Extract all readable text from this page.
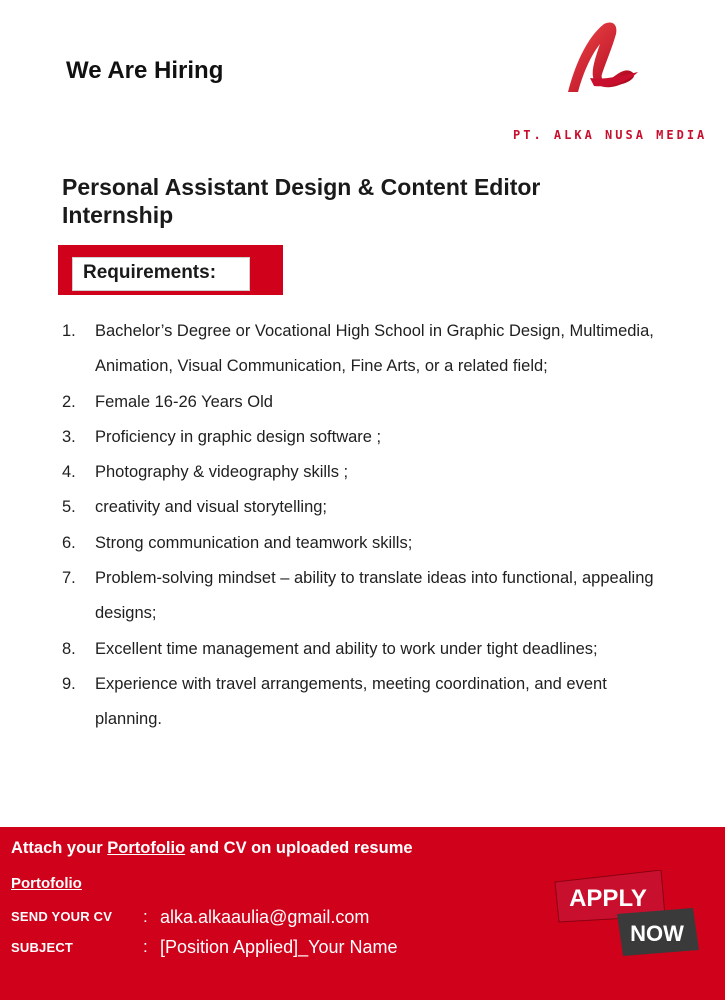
We Are Hiring
PT. ALKA NUSA MEDIA
Personal Assistant Design & Content Editor Internship
Requirements:
1.	Bachelor’s Degree or Vocational High School in Graphic Design, Multimedia, Animation, Visual Communication, Fine Arts, or a related field;
2.	Female 16-26 Years Old
3.	Proficiency in graphic design software ;
4.	Photography & videography skills ;
5.	creativity and visual storytelling;
6.	Strong communication and teamwork skills;
7.	Problem-solving mindset – ability to translate ideas into functional, appealing designs;
8.	Excellent time management and ability to work under tight deadlines;
9.	Experience with travel arrangements, meeting coordination, and event planning.
Attach your Portofolio and CV on uploaded resume
Portofolio
SEND YOUR CV : alka.alkaaulia@gmail.com
SUBJECT	: [Position Applied]_Your Name
APPLY
NOW
